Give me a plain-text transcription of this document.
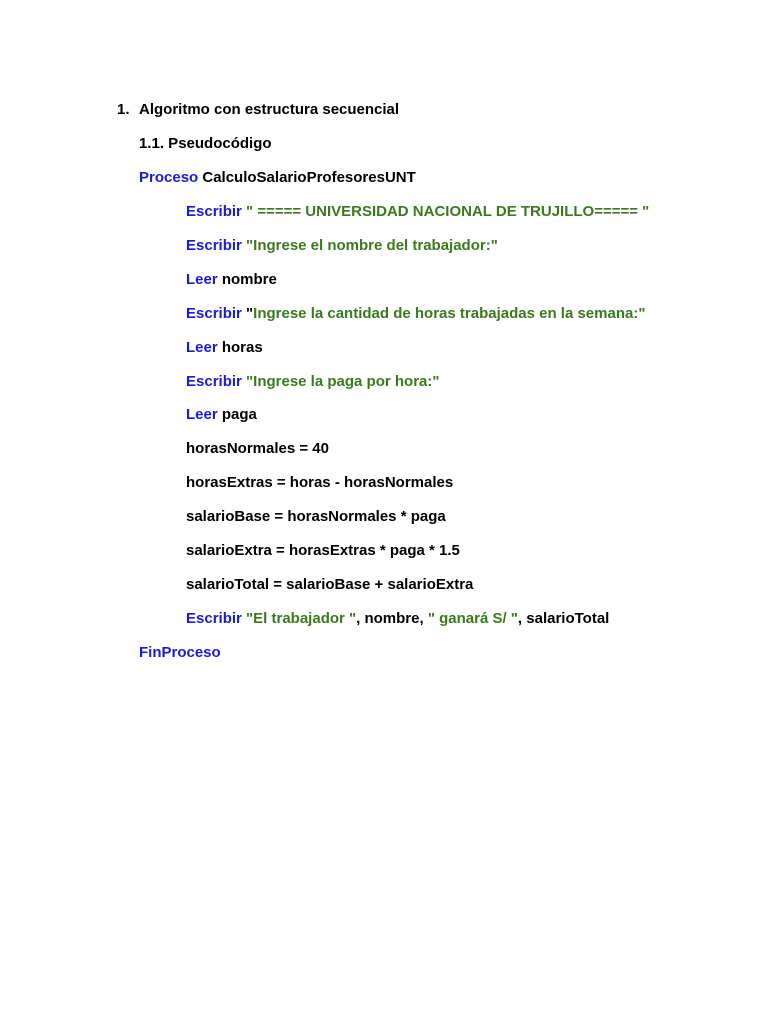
1. Algoritmo con estructura secuencial
1.1. Pseudocódigo
Proceso CalculoSalarioProfesoresUNT
Escribir " ===== UNIVERSIDAD NACIONAL DE TRUJILLO===== "
Escribir "Ingrese el nombre del trabajador:"
Leer nombre
Escribir "Ingrese la cantidad de horas trabajadas en la semana:"
Leer horas
Escribir "Ingrese la paga por hora:"
Leer paga
horasNormales = 40
horasExtras = horas - horasNormales
salarioBase = horasNormales * paga
salarioExtra = horasExtras * paga * 1.5
salarioTotal = salarioBase + salarioExtra
Escribir "El trabajador ", nombre, " ganará S/ ", salarioTotal
FinProceso
